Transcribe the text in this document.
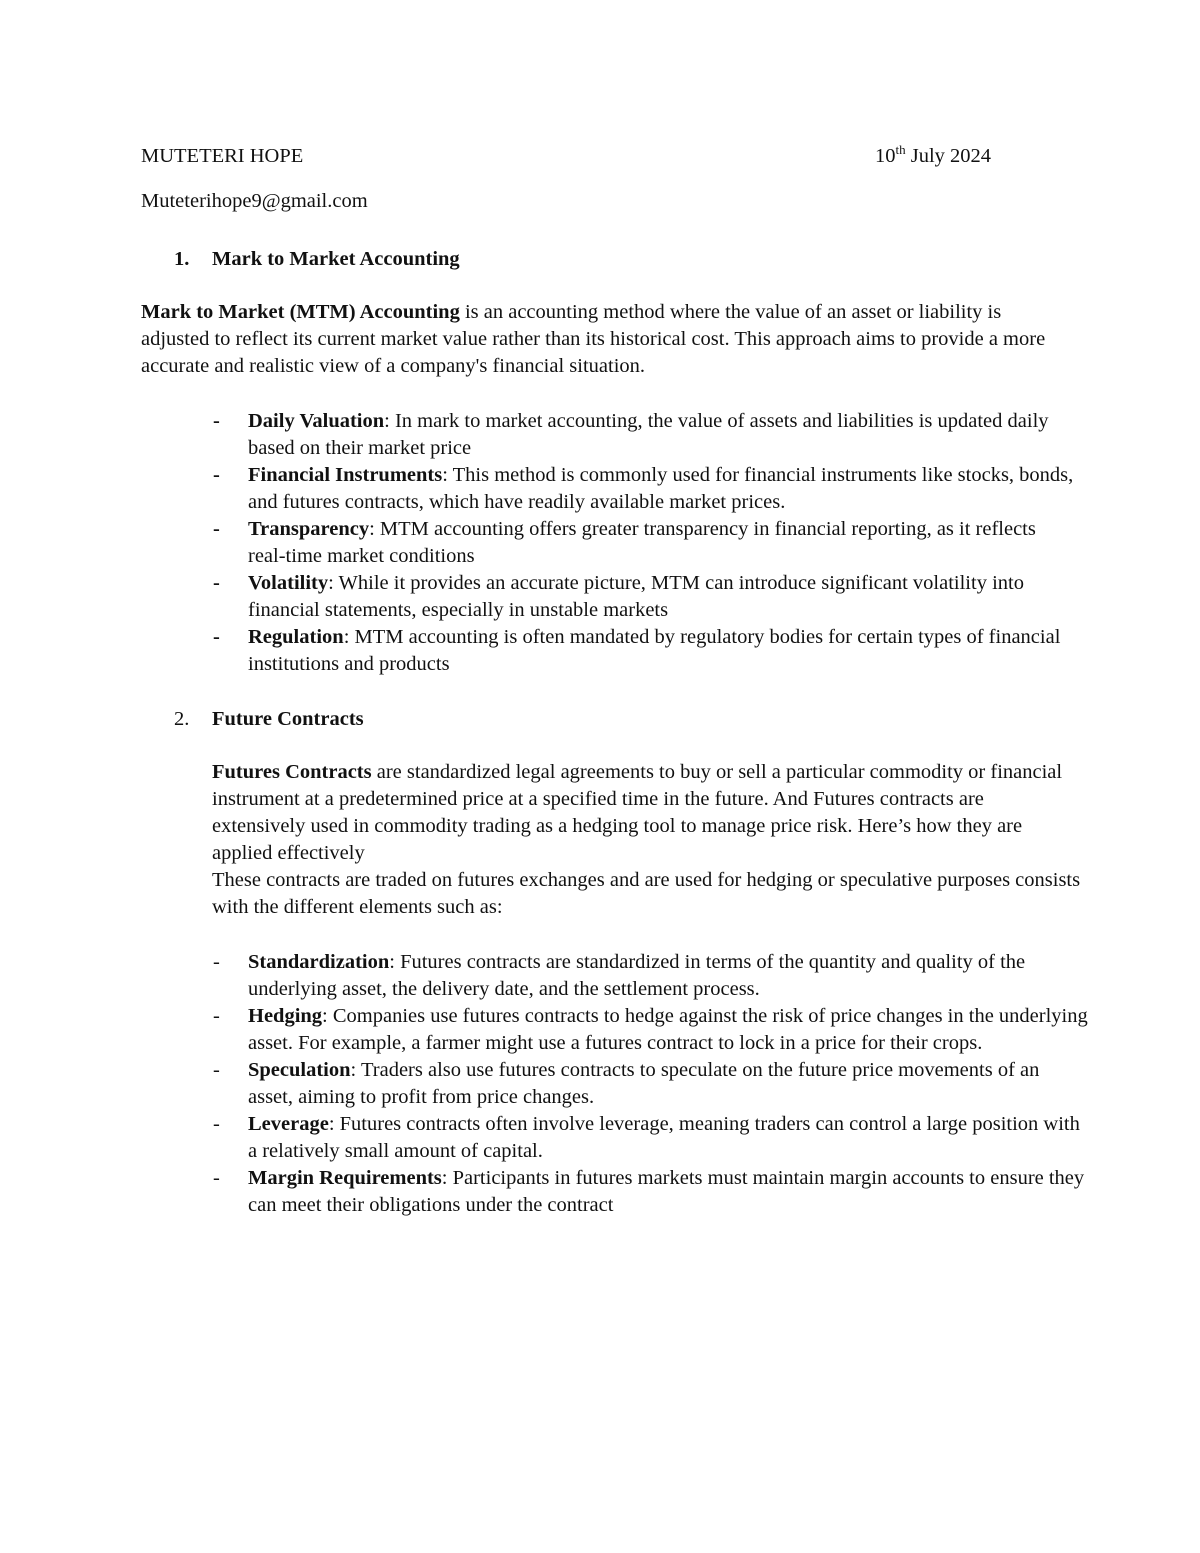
MUTETERI HOPE	10th July 2024
Muteterihope9@gmail.com
1. Mark to Market Accounting

Mark to Market (MTM) Accounting is an accounting method where the value of an asset or liability is adjusted to reflect its current market value rather than its historical cost. This approach aims to provide a more accurate and realistic view of a company's financial situation.

- Daily Valuation: In mark to market accounting, the value of assets and liabilities is updated daily based on their market price
- Financial Instruments: This method is commonly used for financial instruments like stocks, bonds, and futures contracts, which have readily available market prices.
- Transparency: MTM accounting offers greater transparency in financial reporting, as it reflects real-time market conditions
- Volatility: While it provides an accurate picture, MTM can introduce significant volatility into financial statements, especially in unstable markets
- Regulation: MTM accounting is often mandated by regulatory bodies for certain types of financial institutions and products
2. Future Contracts
Futures Contracts are standardized legal agreements to buy or sell a particular commodity or financial instrument at a predetermined price at a specified time in the future. And Futures contracts are extensively used in commodity trading as a hedging tool to manage price risk. Here’s how they are applied effectively
These contracts are traded on futures exchanges and are used for hedging or speculative purposes consists with the different elements such as:
- Standardization: Futures contracts are standardized in terms of the quantity and quality of the underlying asset, the delivery date, and the settlement process.
- Hedging: Companies use futures contracts to hedge against the risk of price changes in the underlying asset. For example, a farmer might use a futures contract to lock in a price for their crops.
- Speculation: Traders also use futures contracts to speculate on the future price movements of an asset, aiming to profit from price changes.
- Leverage: Futures contracts often involve leverage, meaning traders can control a large position with a relatively small amount of capital.
- Margin Requirements: Participants in futures markets must maintain margin accounts to ensure they can meet their obligations under the contract
